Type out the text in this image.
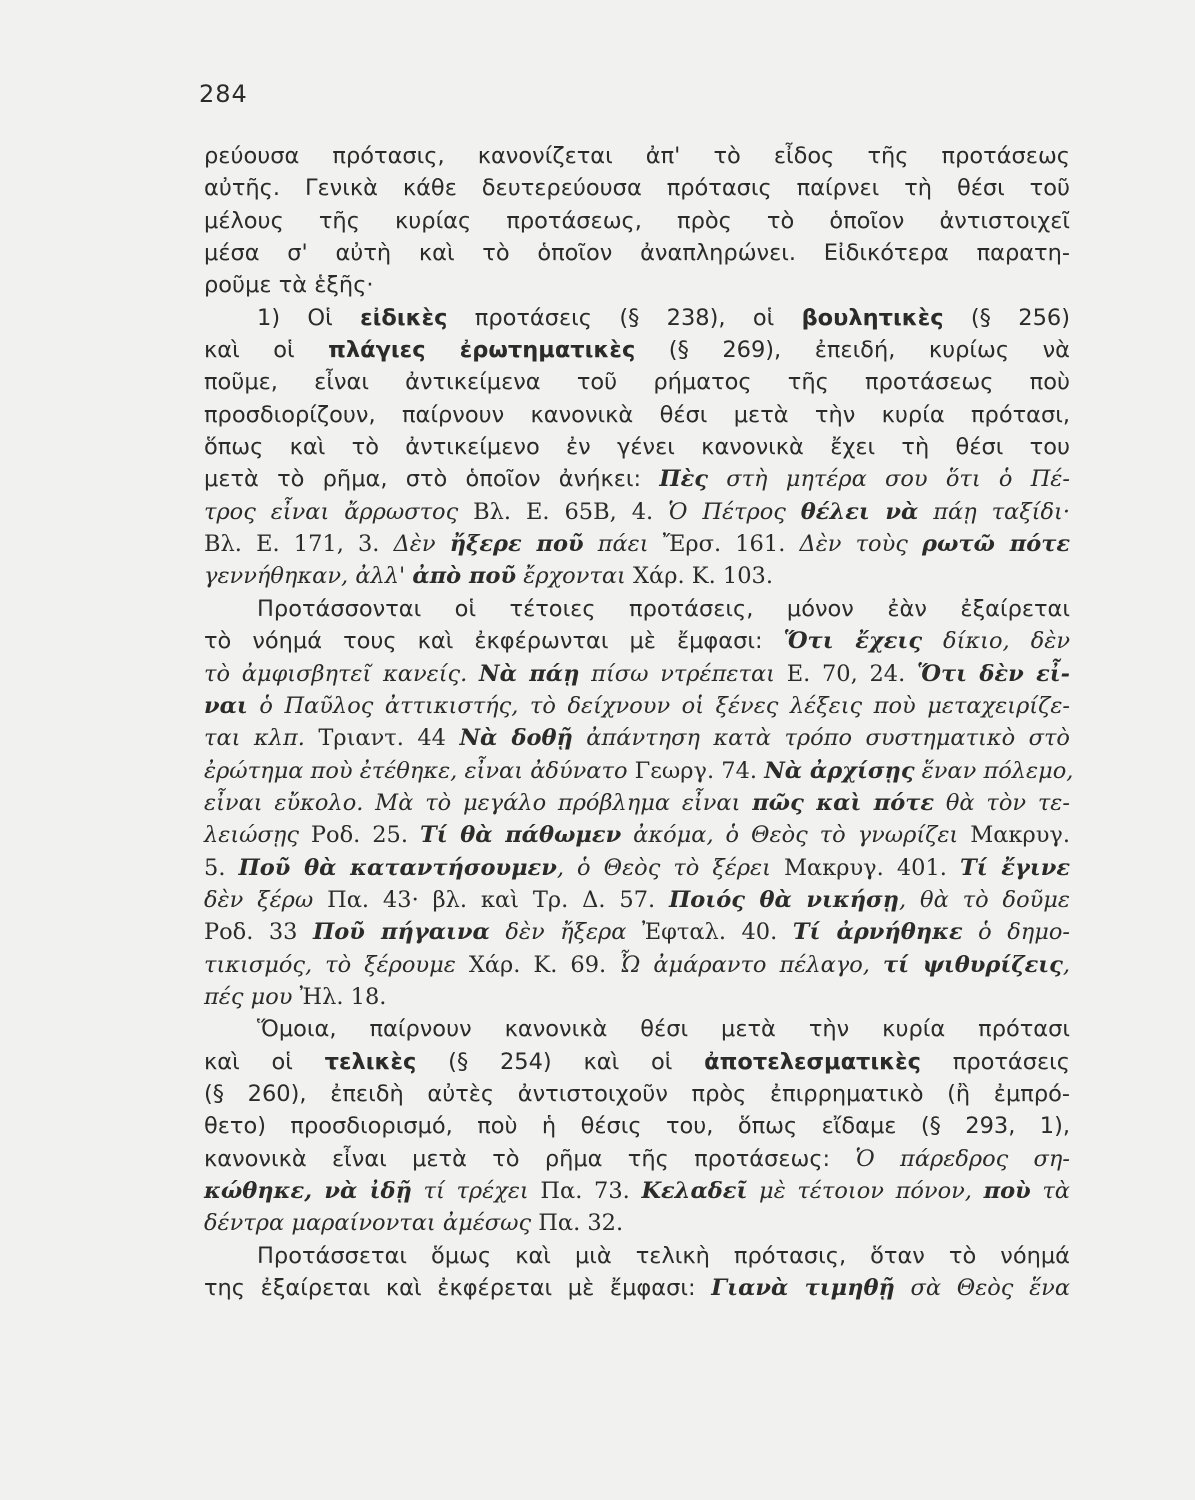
284
ρεύουσα πρότασις, κανονίζεται ἀπ' τὸ εἶδος τῆς προτάσεως
αὐτῆς. Γενικὰ κάθε δευτερεύουσα πρότασις παίρνει τὴ θέσι τοῦ
μέλους τῆς κυρίας προτάσεως, πρὸς τὸ ὁποῖον ἀντιστοιχεῖ
μέσα σ' αὐτὴ καὶ τὸ ὁποῖον ἀναπληρώνει. Εἰδικότερα παρατη-
ροῦμε τὰ ἑξῆς·
1) Οἱ εἰδικὲς προτάσεις (§ 238), οἱ βουλητικὲς (§ 256)
καὶ οἱ πλάγιες ἐρωτηματικὲς (§ 269), ἐπειδή, κυρίως νὰ
ποῦμε, εἶναι ἀντικείμενα τοῦ ρήματος τῆς προτάσεως ποὺ
προσδιορίζουν, παίρνουν κανονικὰ θέσι μετὰ τὴν κυρία πρότασι,
ὅπως καὶ τὸ ἀντικείμενο ἐν γένει κανονικὰ ἔχει τὴ θέσι του
μετὰ τὸ ρῆμα, στὸ ὁποῖον ἀνήκει: Πὲς στὴ μητέρα σου ὅτι ὁ Πέ-
τρος εἶναι ἄρρωστος Βλ. Ε. 65Β, 4. Ὁ Πέτρος θέλει νὰ πάῃ ταξίδι·
Βλ. Ε. 171, 3. Δὲν ἤξερε ποῦ πάει Ἔρσ. 161. Δὲν τοὺς ρωτῶ πότε
γεννήθηκαν, ἀλλ' ἀπὸ ποῦ ἔρχονται Χάρ. Κ. 103.
Προτάσσονται οἱ τέτοιες προτάσεις, μόνον ἐὰν ἐξαίρεται
τὸ νόημά τους καὶ ἐκφέρωνται μὲ ἔμφασι: Ὅτι ἔχεις δίκιο, δὲν
τὸ ἀμφισβητεῖ κανείς. Νὰ πάῃ πίσω ντρέπεται Ε. 70, 24. Ὅτι δὲν εἶ-
ναι ὁ Παῦλος ἀττικιστής, τὸ δείχνουν οἱ ξένες λέξεις ποὺ μεταχειρίζε-
ται κλπ. Τριαντ. 44 Νὰ δοθῇ ἀπάντηση κατὰ τρόπο συστηματικὸ στὸ
ἐρώτημα ποὺ ἐτέθηκε, εἶναι ἀδύνατο Γεωργ. 74. Νὰ ἀρχίσῃς ἕναν πόλεμο,
εἶναι εὔκολο. Μὰ τὸ μεγάλο πρόβλημα εἶναι πῶς καὶ πότε θὰ τὸν τε-
λειώσῃς Ροδ. 25. Τί θὰ πάθωμεν ἀκόμα, ὁ Θεὸς τὸ γνωρίζει Μακρυγ.
5. Ποῦ θὰ καταντήσουμεν, ὁ Θεὸς τὸ ξέρει Μακρυγ. 401. Τί ἔγινε
δὲν ξέρω Πα. 43· βλ. καὶ Τρ. Δ. 57. Ποιός θὰ νικήσῃ, θὰ τὸ δοῦμε
Ροδ. 33 Ποῦ πήγαινα δὲν ἤξερα Ἐφταλ. 40. Τί ἀρνήθηκε ὁ δημο-
τικισμός, τὸ ξέρουμε Χάρ. Κ. 69. Ὦ ἀμάραντο πέλαγο, τί ψιθυρίζεις,
πές μου Ἠλ. 18.
Ὅμοια, παίρνουν κανονικὰ θέσι μετὰ τὴν κυρία πρότασι
καὶ οἱ τελικὲς (§ 254) καὶ οἱ ἀποτελεσματικὲς προτάσεις
(§ 260), ἐπειδὴ αὐτὲς ἀντιστοιχοῦν πρὸς ἐπιρρηματικὸ (ἢ ἐμπρό-
θετο) προσδιορισμό, ποὺ ἡ θέσις του, ὅπως εἴδαμε (§ 293, 1),
κανονικὰ εἶναι μετὰ τὸ ρῆμα τῆς προτάσεως: Ὁ πάρεδρος ση-
κώθηκε, νὰ ἰδῇ τί τρέχει Πα. 73. Κελαδεῖ μὲ τέτοιον πόνον, ποὺ τὰ
δέντρα μαραίνονται ἀμέσως Πα. 32.
Προτάσσεται ὅμως καὶ μιὰ τελικὴ πρότασις, ὅταν τὸ νόημά
της ἐξαίρεται καὶ ἐκφέρεται μὲ ἔμφασι: Γιανὰ τιμηθῇ σὰ Θεὸς ἕνα
